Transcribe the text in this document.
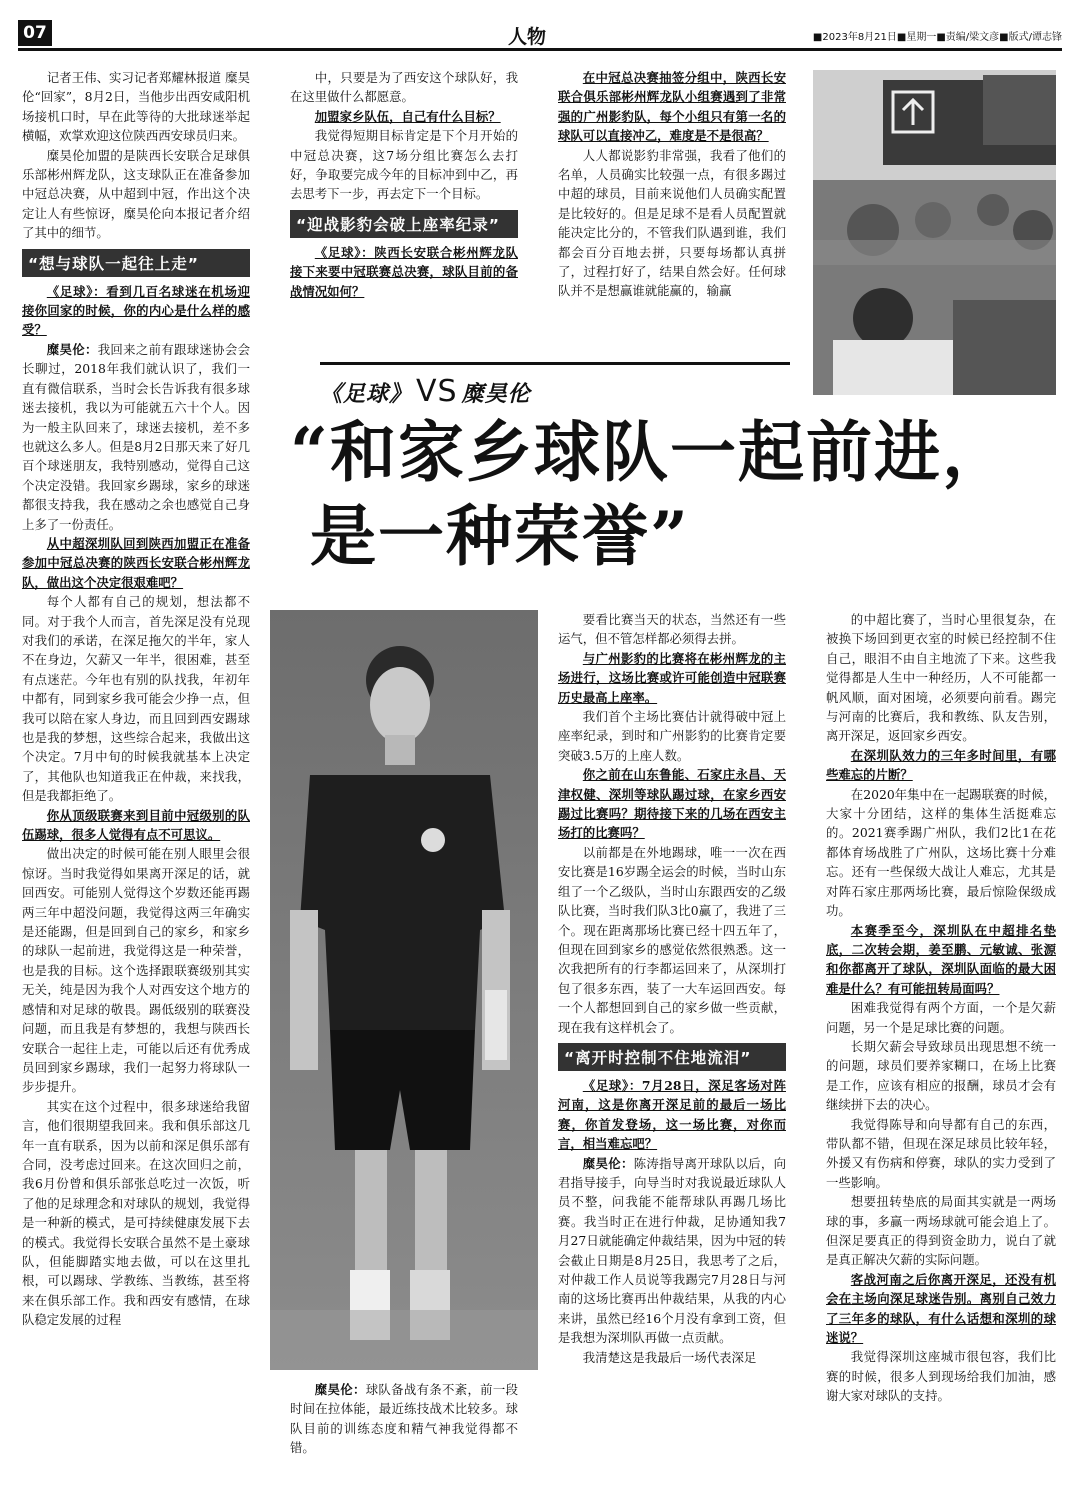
07	人物	■2023年8月21日■星期一■责编/梁文彦■版式/谭志锋

记者王伟、实习记者郑耀林报道 糜昊伦“回家”，8月2日，当他步出西安咸阳机场接机口时，早在此等待的大批球迷举起横幅，欢掌欢迎这位陕西西安球员归来。

糜昊伦加盟的是陕西长安联合足球俱乐部彬州辉龙队，这支球队正在准备参加中冠总决赛，从中超到中冠，作出这个决定让人有些惊讶，糜昊伦向本报记者介绍了其中的细节。

“想与球队一起往上走”

《足球》：看到几百名球迷在机场迎接你回家的时候，你的内心是什么样的感受？

糜昊伦：我回来之前有跟球迷协会会长聊过，2018年我们就认识了，我们一直有微信联系，当时会长告诉我有很多球迷去接机，我以为可能就五六十个人。因为一般主队回来了，球迷去接机，差不多也就这么多人。但是8月2日那天来了好几百个球迷朋友，我特别感动，觉得自己这个决定没错。我回家乡踢球，家乡的球迷都很支持我，我在感动之余也感觉自己身上多了一份责任。

从中超深圳队回到陕西加盟正在准备参加中冠总决赛的陕西长安联合彬州辉龙队，做出这个决定很艰难吧？

每个人都有自己的规划，想法都不同。对于我个人而言，首先深足没有兑现对我们的承诺，在深足拖欠的半年，家人不在身边，欠薪又一年半，很困难，甚至有点迷茫。今年也有别的队找我，年初年中都有，同到家乡我可能会少挣一点，但我可以陪在家人身边，而且回到西安踢球也是我的梦想，这些综合起来，我做出这个决定。7月中旬的时候我就基本上决定了，其他队也知道我正在仲裁，来找我，但是我都拒绝了。

你从顶级联赛来到目前中冠级别的队伍踢球，很多人觉得有点不可思议。

做出决定的时候可能在别人眼里会很惊讶。当时我觉得如果离开深足的话，就回西安。可能别人觉得这个岁数还能再踢两三年中超没问题，我觉得这两三年确实是还能踢，但是回到自己的家乡，和家乡的球队一起前进，我觉得这是一种荣誉，也是我的目标。这个选择跟联赛级别其实无关，纯是因为我个人对西安这个地方的感情和对足球的敬畏。踢低级别的联赛没问题，而且我是有梦想的，我想与陕西长安联合一起往上走，可能以后还有优秀成员回到家乡踢球，我们一起努力将球队一步步提升。

其实在这个过程中，很多球迷给我留言，他们很期望我回来。我和俱乐部这几年一直有联系，因为以前和深足俱乐部有合同，没考虑过回来。在这次回归之前，我6月份曾和俱乐部张总吃过一次饭，听了他的足球理念和对球队的规划，我觉得是一种新的模式，是可持续健康发展下去的模式。我觉得长安联合虽然不是土豪球队，但能脚踏实地去做，可以在这里扎根，可以踢球、学教练、当教练，甚至将来在俱乐部工作。我和西安有感情，在球队稳定发展的过程

中，只要是为了西安这个球队好，我在这里做什么都愿意。

加盟家乡队伍，自己有什么目标？

我觉得短期目标肯定是下个月开始的中冠总决赛，这7场分组比赛怎么去打好，争取要完成今年的目标冲到中乙，再去思考下一步，再去定下一个目标。

“迎战影豹会破上座率纪录”

《足球》：陕西长安联合彬州辉龙队接下来要中冠联赛总决赛，球队目前的备战情况如何？

在中冠总决赛抽签分组中，陕西长安联合俱乐部彬州辉龙队小组赛遇到了非常强的广州影豹队，每个小组只有第一名的球队可以直接冲乙，难度是不是很高？

人人都说影豹非常强，我看了他们的名单，人员确实比较强一点，有很多踢过中超的球员，目前来说他们人员确实配置是比较好的。但是足球不是看人员配置就能决定比分的，不管我们队遇到谁，我们都会百分百地去拼，只要每场都认真拼了，过程打好了，结果自然会好。任何球队并不是想赢谁就能赢的，输赢

《足球》 VS 糜昊伦
“和家乡球队一起前进，
是一种荣誉”

糜昊伦：球队备战有条不紊，前一段时间在拉体能，最近练技战术比较多。球队目前的训练态度和精气神我觉得都不错。

要看比赛当天的状态，当然还有一些运气，但不管怎样都必须得去拼。

与广州影豹的比赛将在彬州辉龙的主场进行，这场比赛或许可能创造中冠联赛历史最高上座率。

我们首个主场比赛估计就得破中冠上座率纪录，到时和广州影豹的比赛肯定要突破3.5万的上座人数。

你之前在山东鲁能、石家庄永昌、天津权健、深圳等球队踢过球，在家乡西安踢过比赛吗？期待接下来的几场在西安主场打的比赛吗？

以前都是在外地踢球，唯一一次在西安比赛是16岁踢全运会的时候，当时山东组了一个乙级队，当时山东跟西安的乙级队比赛，当时我们队3比0赢了，我进了三个。现在距离那场比赛已经十四五年了，但现在回到家乡的感觉依然很熟悉。这一次我把所有的行李都运回来了，从深圳打包了很多东西，装了一大车运回西安。每一个人都想回到自己的家乡做一些贡献，现在我有这样机会了。

“离开时控制不住地流泪”

《足球》：7月28日，深足客场对阵河南，这是你离开深足前的最后一场比赛，你首发登场，这一场比赛，对你而言，相当难忘吧？

糜昊伦：陈涛指导离开球队以后，向君指导接手，向导当时对我说最近球队人员不整，问我能不能帮球队再踢几场比赛。我当时正在进行仲裁，足协通知我7月27日就能确定仲裁结果，因为中冠的转会截止日期是8月25日，我思考了之后，对仲裁工作人员说等我踢完7月28日与河南的这场比赛再出仲裁结果，从我的内心来讲，虽然已经16个月没有拿到工资，但是我想为深圳队再做一点贡献。

我清楚这是我最后一场代表深足

的中超比赛了，当时心里很复杂，在被换下场回到更衣室的时候已经控制不住自己，眼泪不由自主地流了下来。这些我觉得都是人生中一种经历，人不可能都一帆风顺，面对困境，必须要向前看。踢完与河南的比赛后，我和教练、队友告别，离开深足，返回家乡西安。

在深圳队效力的三年多时间里，有哪些难忘的片断？

在2020年集中在一起踢联赛的时候，大家十分团结，这样的集体生活挺难忘的。2021赛季踢广州队，我们2比1在花都体育场战胜了广州队，这场比赛十分难忘。还有一些保级大战让人难忘，尤其是对阵石家庄那两场比赛，最后惊险保级成功。

本赛季至今，深圳队在中超排名垫底，二次转会期，姜至鹏、元敏诚、张源和你都离开了球队，深圳队面临的最大困难是什么？有可能扭转局面吗？

困难我觉得有两个方面，一个是欠薪问题，另一个是足球比赛的问题。

长期欠薪会导致球员出现思想不统一的问题，球员们要养家糊口，在场上比赛是工作，应该有相应的报酬，球员才会有继续拼下去的决心。

我觉得陈导和向导都有自己的东西，带队都不错，但现在深足球员比较年轻，外援又有伤病和停赛，球队的实力受到了一些影响。

想要扭转垫底的局面其实就是一两场球的事，多赢一两场球就可能会追上了。但深足要真正的得到资金助力，说白了就是真正解决欠薪的实际问题。

客战河南之后你离开深足，还没有机会在主场向深足球迷告别。离别自己效力了三年多的球队，有什么话想和深圳的球迷说？

我觉得深圳这座城市很包容，我们比赛的时候，很多人到现场给我们加油，感谢大家对球队的支持。
